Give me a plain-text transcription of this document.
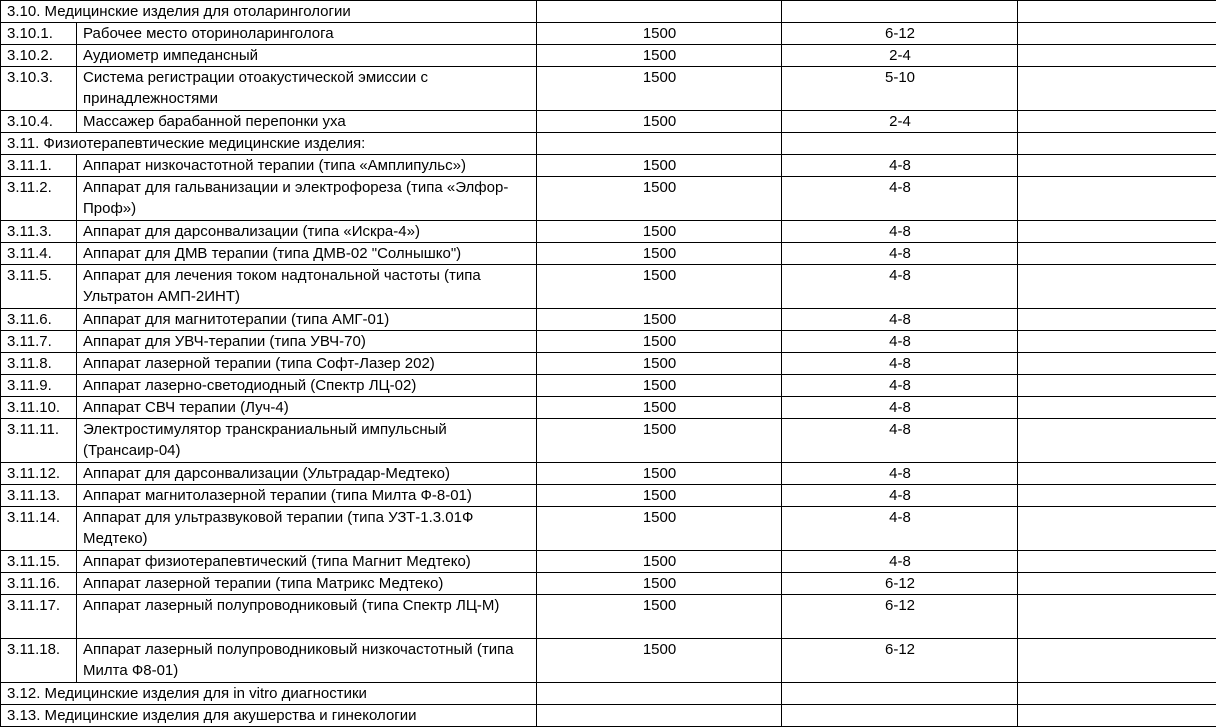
3.10. Медицинские изделия для отоларингологии				
3.10.1.	Рабочее место оториноларинголога	1500	6-12	
3.10.2.	Аудиометр импедансный	1500	2-4	
3.10.3.	Система регистрации отоакустической эмиссии с принадлежностями	1500	5-10	
3.10.4.	Массажер барабанной перепонки уха	1500	2-4	
3.11. Физиотерапевтические медицинские изделия:				
3.11.1.	Аппарат низкочастотной терапии (типа «Амплипульс»)	1500	4-8	
3.11.2.	Аппарат для гальванизации и электрофореза (типа «Элфор-Проф»)	1500	4-8	
3.11.3.	Аппарат для дарсонвализации (типа «Искра-4»)	1500	4-8	
3.11.4.	Аппарат для ДМВ терапии (типа ДМВ-02 "Солнышко")	1500	4-8	
3.11.5.	Аппарат для лечения током надтональной частоты (типа Ультратон АМП-2ИНТ)	1500	4-8	
3.11.6.	Аппарат для магнитотерапии (типа АМГ-01)	1500	4-8	
3.11.7.	Аппарат для УВЧ-терапии (типа УВЧ-70)	1500	4-8	
3.11.8.	Аппарат лазерной терапии (типа Софт-Лазер 202)	1500	4-8	
3.11.9.	Аппарат лазерно-светодиодный (Спектр ЛЦ-02)	1500	4-8	
3.11.10.	Аппарат СВЧ терапии (Луч-4)	1500	4-8	
3.11.11.	Электростимулятор транскраниальный импульсный (Трансаир-04)	1500	4-8	
3.11.12.	Аппарат для дарсонвализации (Ультрадар-Медтеко)	1500	4-8	
3.11.13.	Аппарат магнитолазерной терапии (типа Милта Ф-8-01)	1500	4-8	
3.11.14.	Аппарат для ультразвуковой терапии (типа УЗТ-1.3.01Ф Медтеко)	1500	4-8	
3.11.15.	Аппарат физиотерапевтический (типа Магнит Медтеко)	1500	4-8	
3.11.16.	Аппарат лазерной терапии (типа Матрикс Медтеко)	1500	6-12	
3.11.17.	Аппарат лазерный полупроводниковый (типа Спектр ЛЦ-М)	1500	6-12	
3.11.18.	Аппарат лазерный полупроводниковый низкочастотный (типа Милта Ф8-01)	1500	6-12	
3.12. Медицинские изделия для in vitro диагностики				
3.13. Медицинские изделия для акушерства и гинекологии				
